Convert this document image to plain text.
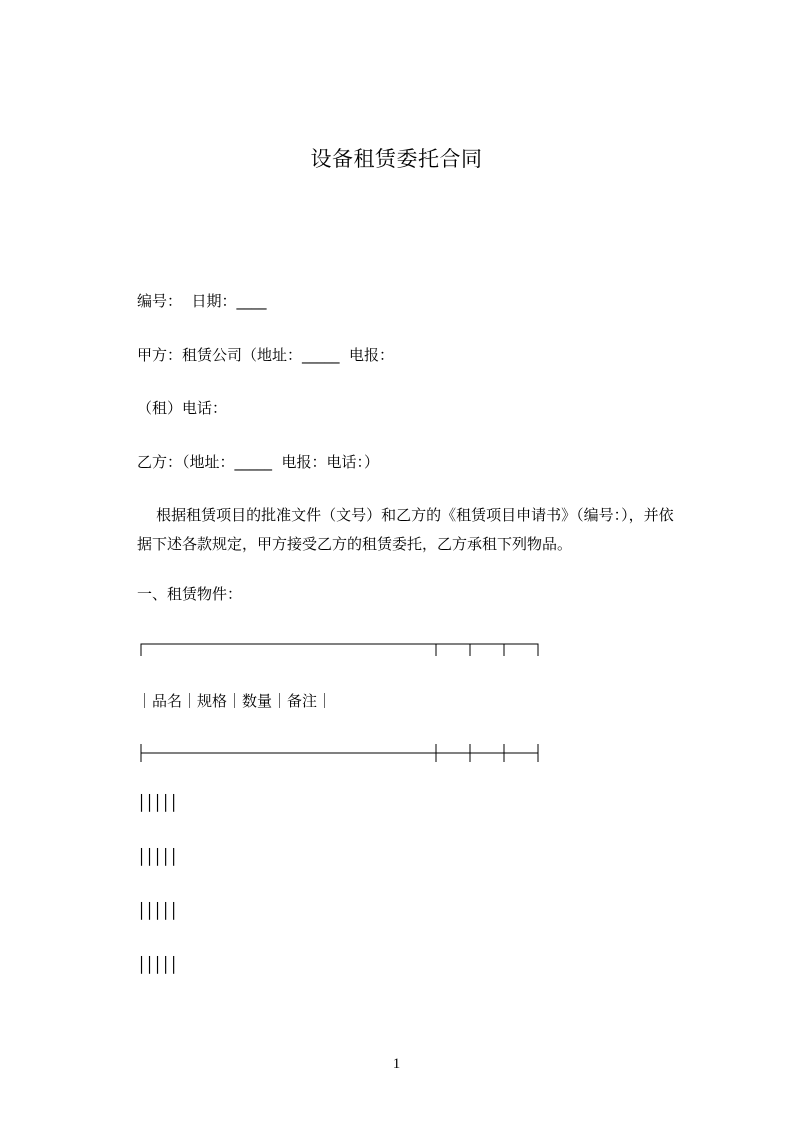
设备租赁委托合同
编号：  日期：____
甲方：租赁公司（地址：_____  电报：
（租）电话：
乙方：（地址：_____  电报：电话：）
根据租赁项目的批准文件（文号）和乙方的《租赁项目申请书》（编号：），并依
据下述各款规定，甲方接受乙方的租赁委托，乙方承租下列物品。
一、租赁物件：
｜品名｜规格｜数量｜备注｜
│││││
│││││
│││││
│││││
1
